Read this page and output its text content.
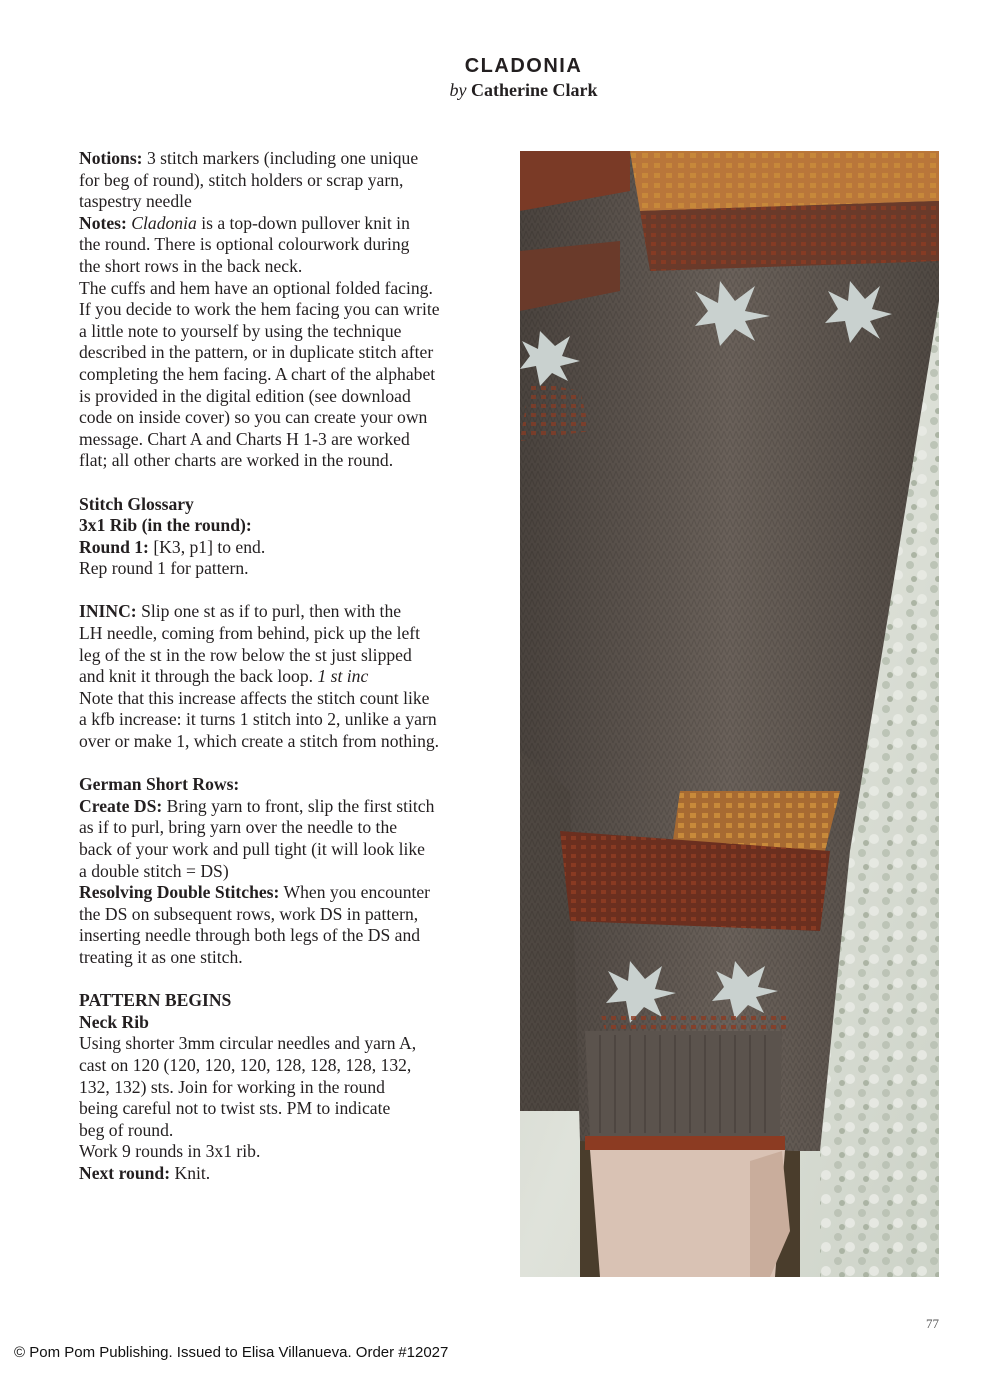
CLADONIA
by Catherine Clark

Notions: 3 stitch markers (including one unique

for beg of round), stitch holders or scrap yarn,

taspestry needle

Notes: Cladonia is a top-down pullover knit in

the round. There is optional colourwork during

the short rows in the back neck.

The cuffs and hem have an optional folded facing.

If you decide to work the hem facing you can write

a little note to yourself by using the technique

described in the pattern, or in duplicate stitch after

completing the hem facing. A chart of the alphabet

is provided in the digital edition (see download

code on inside cover) so you can create your own

message. Chart A and Charts H 1-3 are worked

flat; all other charts are worked in the round.

Stitch Glossary

3x1 Rib (in the round):

Round 1: [K3, p1] to end.

Rep round 1 for pattern.

ININC: Slip one st as if to purl, then with the

LH needle, coming from behind, pick up the left

leg of the st in the row below the st just slipped

and knit it through the back loop. 1 st inc

Note that this increase affects the stitch count like

a kfb increase: it turns 1 stitch into 2, unlike a yarn

over or make 1, which create a stitch from nothing.

German Short Rows:

Create DS: Bring yarn to front, slip the first stitch

as if to purl, bring yarn over the needle to the

back of your work and pull tight (it will look like

a double stitch = DS)

Resolving Double Stitches: When you encounter

the DS on subsequent rows, work DS in pattern,

inserting needle through both legs of the DS and

treating it as one stitch.

PATTERN BEGINS

Neck Rib

Using shorter 3mm circular needles and yarn A,

cast on 120 (120, 120, 120, 128, 128, 128, 132,

132, 132) sts. Join for working in the round

being careful not to twist sts. PM to indicate

beg of round.

Work 9 rounds in 3x1 rib.

Next round: Knit.

77
© Pom Pom Publishing. Issued to Elisa Villanueva. Order #12027
